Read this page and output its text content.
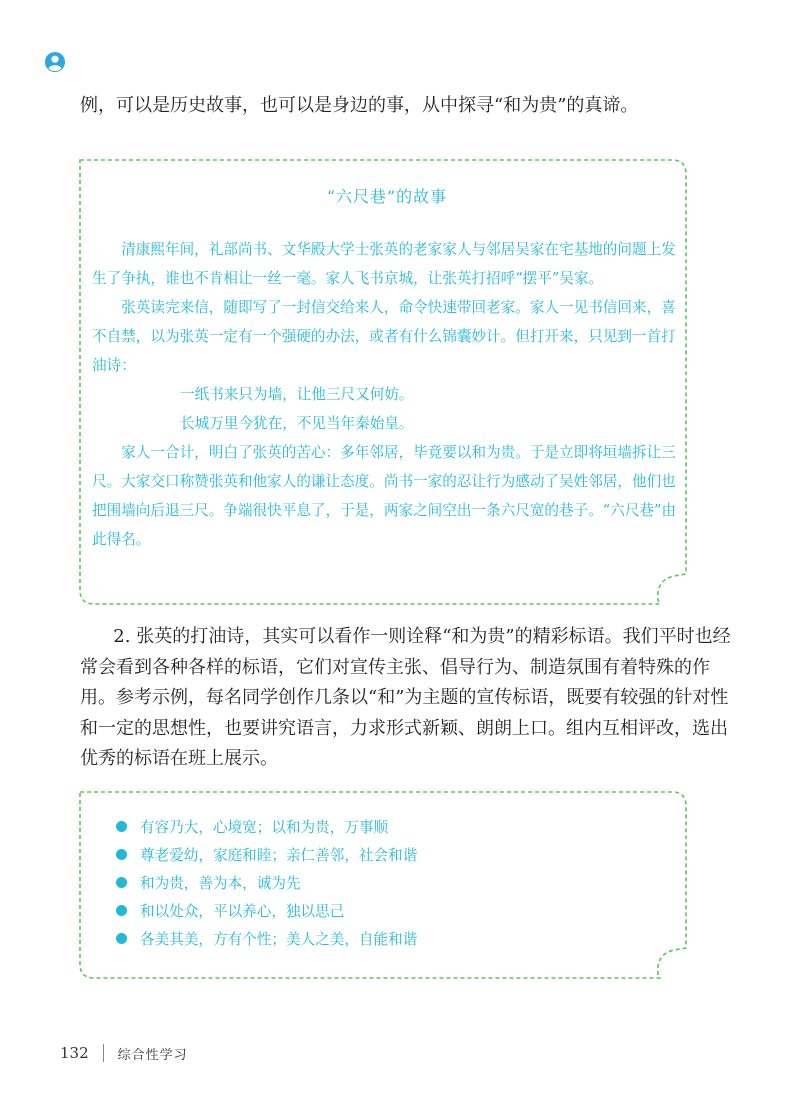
例，可以是历史故事，也可以是身边的事，从中探寻“和为贵”的真谛。

“六尺巷”的故事

清康熙年间，礼部尚书、文华殿大学士张英的老家家人与邻居吴家在宅基地的问题上发生了争执，谁也不肯相让一丝一毫。家人飞书京城，让张英打招呼“摆平”吴家。

张英读完来信，随即写了一封信交给来人，命令快速带回老家。家人一见书信回来，喜不自禁，以为张英一定有一个强硬的办法，或者有什么锦囊妙计。但打开来，只见到一首打油诗：

一纸书来只为墙，让他三尺又何妨。

长城万里今犹在，不见当年秦始皇。

家人一合计，明白了张英的苦心：多年邻居，毕竟要以和为贵。于是立即将垣墙拆让三尺。大家交口称赞张英和他家人的谦让态度。尚书一家的忍让行为感动了吴姓邻居，他们也把围墙向后退三尺。争端很快平息了，于是，两家之间空出一条六尺宽的巷子。“六尺巷”由此得名。

2. 张英的打油诗，其实可以看作一则诠释“和为贵”的精彩标语。我们平时也经常会看到各种各样的标语，它们对宣传主张、倡导行为、制造氛围有着特殊的作用。参考示例，每名同学创作几条以“和”为主题的宣传标语，既要有较强的针对性和一定的思想性，也要讲究语言，力求形式新颖、朗朗上口。组内互相评改，选出优秀的标语在班上展示。

有容乃大，心境宽；以和为贵，万事顺
尊老爱幼，家庭和睦；亲仁善邻，社会和谐
和为贵，善为本，诚为先
和以处众，平以养心，独以思己
各美其美，方有个性；美人之美，自能和谐
132 综合性学习
